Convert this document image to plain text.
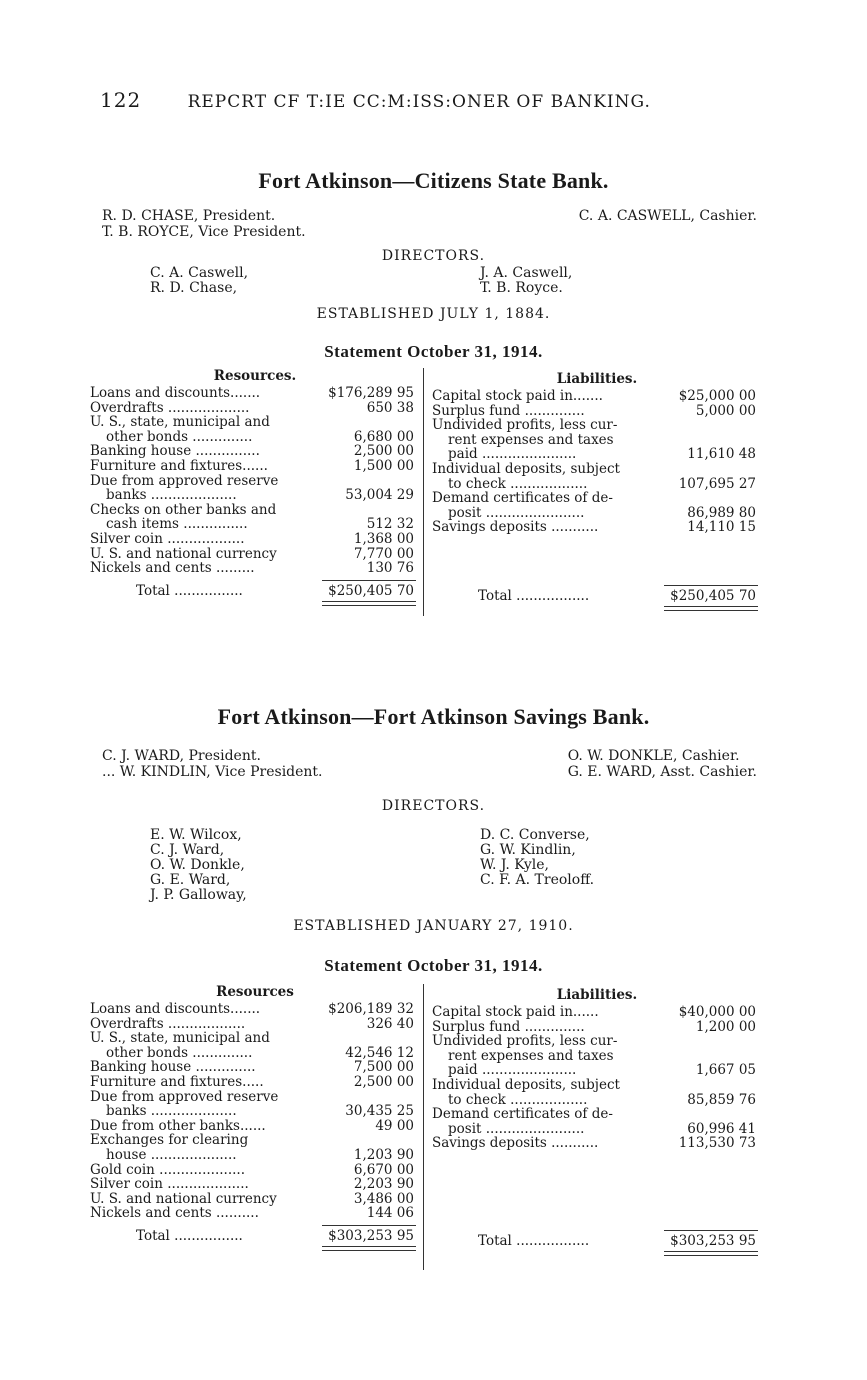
122	REPCRT CF T:IE CC:M:ISS:ONER OF BANKING.
Fort Atkinson—Citizens State Bank.
R. D. CHASE, President.
T. B. ROYCE, Vice President.
C. A. CASWELL, Cashier.
DIRECTORS.
C. A. Caswell,
R. D. Chase,
J. A. Caswell,
T. B. Royce.
ESTABLISHED JULY 1, 1884.
Statement October 31, 1914.
Resources.
Loans and discounts.......	$176,289 95
Overdrafts ...................	650 38
U. S., state, municipal and
other bonds ..............	6,680 00
Banking house ...............	2,500 00
Furniture and fixtures......	1,500 00
Due from approved reserve
banks ....................	53,004 29
Checks on other banks and
cash items ...............	512 32
Silver coin ..................	1,368 00
U. S. and national currency	7,770 00
Nickels and cents .........	130 76
Total ................	$250,405 70
Liabilities.
Capital stock paid in.......	$25,000 00
Surplus fund ..............	5,000 00
Undivided profits, less cur-
rent expenses and taxes
paid ......................	11,610 48
Individual deposits, subject
to check ..................	107,695 27
Demand certificates of de-
posit .......................	86,989 80
Savings deposits ...........	14,110 15
Total .................	$250,405 70
Fort Atkinson—Fort Atkinson Savings Bank.
C. J. WARD, President.
... W. KINDLIN, Vice President.
O. W. DONKLE, Cashier.
G. E. WARD, Asst. Cashier.
DIRECTORS.
E. W. Wilcox,
C. J. Ward,
O. W. Donkle,
G. E. Ward,
J. P. Galloway,
D. C. Converse,
G. W. Kindlin,
W. J. Kyle,
C. F. A. Treoloff.
ESTABLISHED JANUARY 27, 1910.
Statement October 31, 1914.
Resources
Loans and discounts.......	$206,189 32
Overdrafts ..................	326 40
U. S., state, municipal and
other bonds ..............	42,546 12
Banking house ..............	7,500 00
Furniture and fixtures.....	2,500 00
Due from approved reserve
banks ....................	30,435 25
Due from other banks......	49 00
Exchanges for clearing
house ....................	1,203 90
Gold coin ....................	6,670 00
Silver coin ...................	2,203 90
U. S. and national currency	3,486 00
Nickels and cents ..........	144 06
Total ................	$303,253 95
Liabilities.
Capital stock paid in......	$40,000 00
Surplus fund ..............	1,200 00
Undivided profits, less cur-
rent expenses and taxes
paid ......................	1,667 05
Individual deposits, subject
to check ..................	85,859 76
Demand certificates of de-
posit .......................	60,996 41
Savings deposits ...........	113,530 73
Total .................	$303,253 95
